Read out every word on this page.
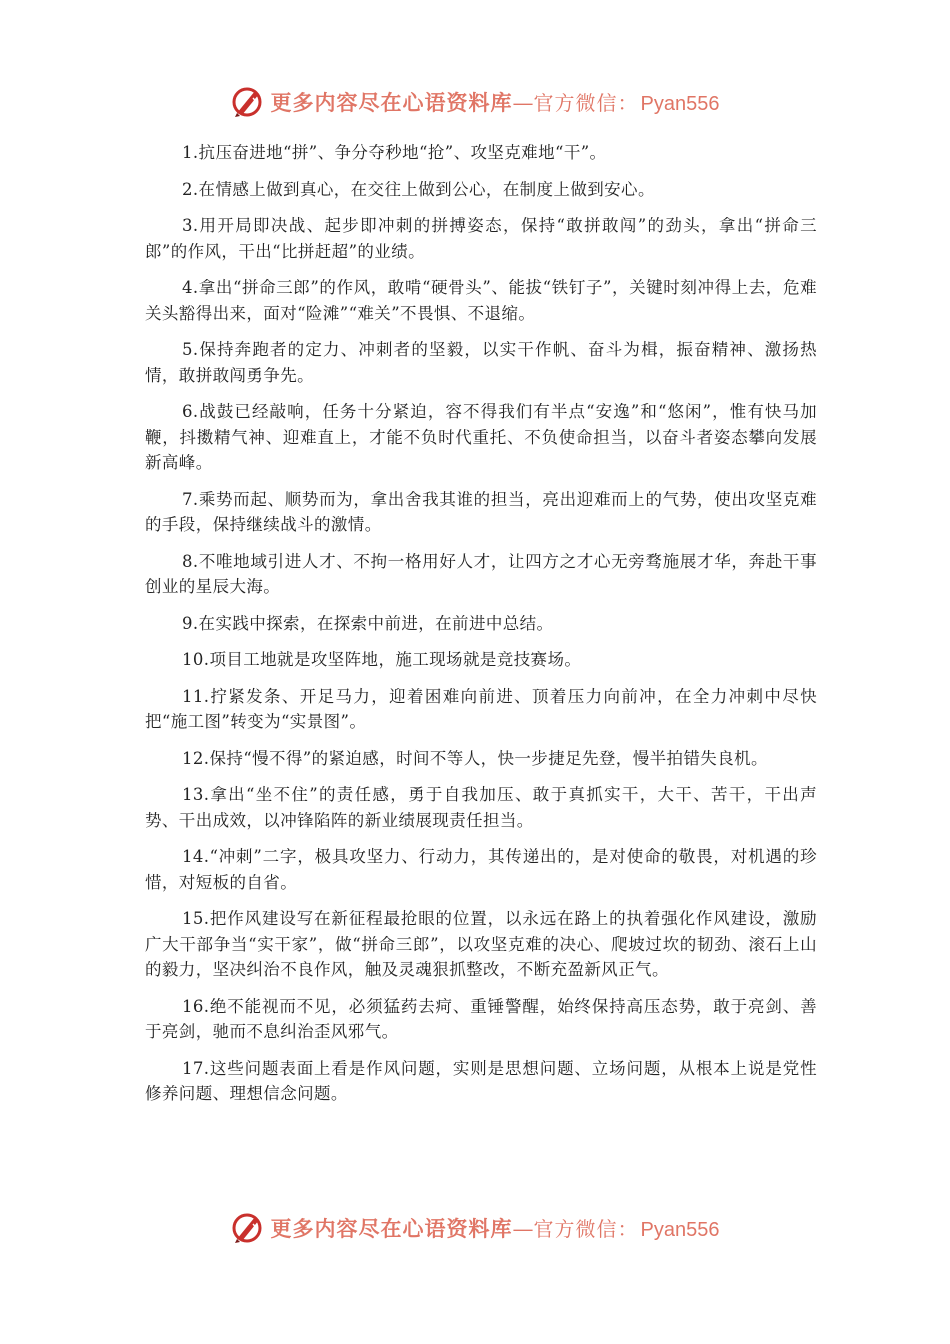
更多内容尽在心语资料库 — 官方微信： Pyan556

1.抗压奋进地“拼”、争分夺秒地“抢”、攻坚克难地“干”。

2.在情感上做到真心，在交往上做到公心，在制度上做到安心。

3.用开局即决战、起步即冲刺的拼搏姿态，保持“敢拼敢闯”的劲头，拿出“拼命三郎”的作风，干出“比拼赶超”的业绩。

4.拿出“拼命三郎”的作风，敢啃“硬骨头”、能拔“铁钉子”，关键时刻冲得上去，危难关头豁得出来，面对“险滩”“难关”不畏惧、不退缩。

5.保持奔跑者的定力、冲刺者的坚毅，以实干作帆、奋斗为楫，振奋精神、激扬热情，敢拼敢闯勇争先。

6.战鼓已经敲响，任务十分紧迫，容不得我们有半点“安逸”和“悠闲”，惟有快马加鞭，抖擞精气神、迎难直上，才能不负时代重托、不负使命担当，以奋斗者姿态攀向发展新高峰。

7.乘势而起、顺势而为，拿出舍我其谁的担当，亮出迎难而上的气势，使出攻坚克难的手段，保持继续战斗的激情。

8.不唯地域引进人才、不拘一格用好人才，让四方之才心无旁骛施展才华，奔赴干事创业的星辰大海。

9.在实践中探索，在探索中前进，在前进中总结。

10.项目工地就是攻坚阵地，施工现场就是竞技赛场。

11.拧紧发条、开足马力，迎着困难向前进、顶着压力向前冲，在全力冲刺中尽快把“施工图”转变为“实景图”。

12.保持“慢不得”的紧迫感，时间不等人，快一步捷足先登，慢半拍错失良机。

13.拿出“坐不住”的责任感，勇于自我加压、敢于真抓实干，大干、苦干，干出声势、干出成效，以冲锋陷阵的新业绩展现责任担当。

14.“冲刺”二字，极具攻坚力、行动力，其传递出的，是对使命的敬畏，对机遇的珍惜，对短板的自省。

15.把作风建设写在新征程最抢眼的位置，以永远在路上的执着强化作风建设，激励广大干部争当“实干家”，做“拼命三郎”，以攻坚克难的决心、爬坡过坎的韧劲、滚石上山的毅力，坚决纠治不良作风，触及灵魂狠抓整改，不断充盈新风正气。

16.绝不能视而不见，必须猛药去疴、重锤警醒，始终保持高压态势，敢于亮剑、善于亮剑，驰而不息纠治歪风邪气。

17.这些问题表面上看是作风问题，实则是思想问题、立场问题，从根本上说是党性修养问题、理想信念问题。

更多内容尽在心语资料库 — 官方微信： Pyan556
